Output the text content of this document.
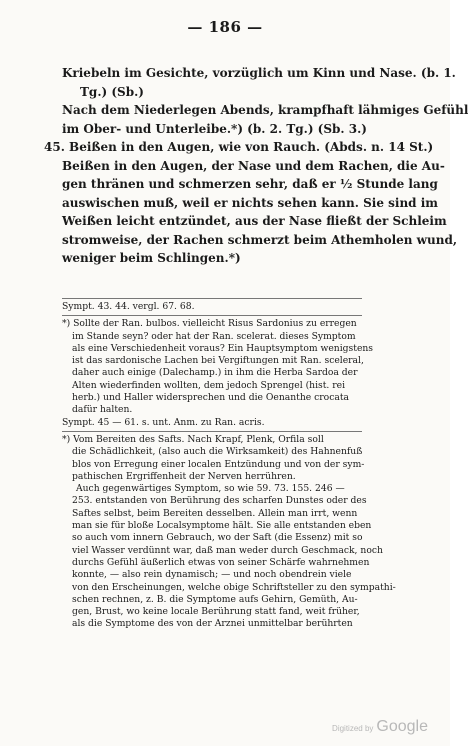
— 186 —
Kriebeln im Gesichte, vorzüglich um Kinn und Nase. (b. 1.
Tg.) (Sb.)
Nach dem Niederlegen Abends, krampfhaft lähmiges Gefühl
im Ober- und Unterleibe.*) (b. 2. Tg.) (Sb. 3.)
45. Beißen in den Augen, wie von Rauch. (Abds. n. 14 St.)
Beißen in den Augen, der Nase und dem Rachen, die Au-
gen thränen und schmerzen sehr, daß er ½ Stunde lang
auswischen muß, weil er nichts sehen kann. Sie sind im
Weißen leicht entzündet, aus der Nase fließt der Schleim
stromweise, der Rachen schmerzt beim Athemholen wund,
weniger beim Schlingen.*)
Sympt. 43. 44. vergl. 67. 68.
*) Sollte der Ran. bulbos. vielleicht Risus Sardonius zu erregen
im Stande seyn? oder hat der Ran. scelerat. dieses Symptom
als eine Verschiedenheit voraus? Ein Hauptsymptom wenigstens
ist das sardonische Lachen bei Vergiftungen mit Ran. sceleral,
daher auch einige (Dalechamp.) in ihm die Herba Sardoa der
Alten wiederfinden wollten, dem jedoch Sprengel (hist. rei
herb.) und Haller widersprechen und die Oenanthe crocata
dafür halten.
Sympt. 45 — 61. s. unt. Anm. zu Ran. acris.
*) Vom Bereiten des Safts. Nach Krapf, Plenk, Orfila soll
die Schädlichkeit, (also auch die Wirksamkeit) des Hahnenfuß
blos von Erregung einer localen Entzündung und von der sym-
pathischen Ergriffenheit der Nerven herrühren.
Auch gegenwärtiges Symptom, so wie 59. 73. 155. 246 —
253. entstanden von Berührung des scharfen Dunstes oder des
Saftes selbst, beim Bereiten desselben. Allein man irrt, wenn
man sie für bloße Localsymptome hält. Sie alle entstanden eben
so auch vom innern Gebrauch, wo der Saft (die Essenz) mit so
viel Wasser verdünnt war, daß man weder durch Geschmack, noch
durchs Gefühl äußerlich etwas von seiner Schärfe wahrnehmen
konnte, — also rein dynamisch; — und noch obendrein viele
von den Erscheinungen, welche obige Schriftsteller zu den sympathi-
schen rechnen, z. B. die Symptome aufs Gehirn, Gemüth, Au-
gen, Brust, wo keine locale Berührung statt fand, weit früher,
als die Symptome des von der Arznei unmittelbar berührten
Digitized by Google
